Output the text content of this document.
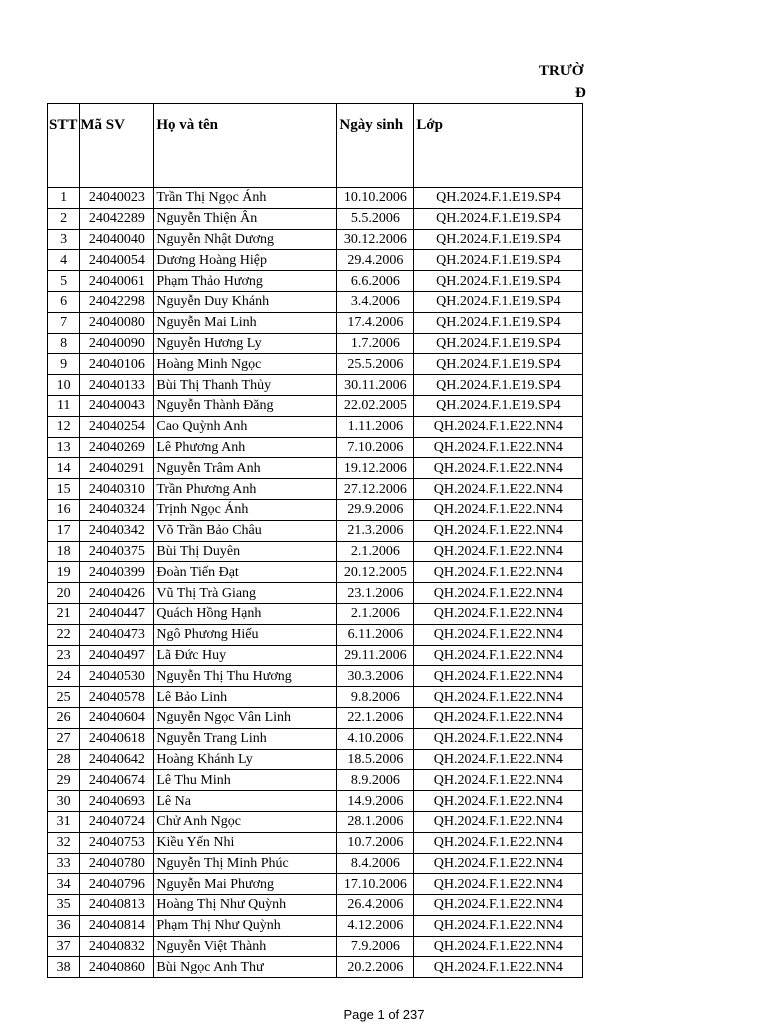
TRƯỜ
Đ
STT	Mã SV	Họ và tên	Ngày sinh	Lớp
1	24040023	Trần Thị Ngọc Ánh	10.10.2006	QH.2024.F.1.E19.SP4
2	24042289	Nguyễn Thiện Ân	5.5.2006	QH.2024.F.1.E19.SP4
3	24040040	Nguyễn Nhật Dương	30.12.2006	QH.2024.F.1.E19.SP4
4	24040054	Dương Hoàng Hiệp	29.4.2006	QH.2024.F.1.E19.SP4
5	24040061	Phạm Thảo Hương	6.6.2006	QH.2024.F.1.E19.SP4
6	24042298	Nguyễn Duy Khánh	3.4.2006	QH.2024.F.1.E19.SP4
7	24040080	Nguyễn Mai Linh	17.4.2006	QH.2024.F.1.E19.SP4
8	24040090	Nguyễn Hương Ly	1.7.2006	QH.2024.F.1.E19.SP4
9	24040106	Hoàng Minh Ngọc	25.5.2006	QH.2024.F.1.E19.SP4
10	24040133	Bùi Thị Thanh Thủy	30.11.2006	QH.2024.F.1.E19.SP4
11	24040043	Nguyễn Thành Đăng	22.02.2005	QH.2024.F.1.E19.SP4
12	24040254	Cao Quỳnh Anh	1.11.2006	QH.2024.F.1.E22.NN4
13	24040269	Lê Phương Anh	7.10.2006	QH.2024.F.1.E22.NN4
14	24040291	Nguyễn Trâm Anh	19.12.2006	QH.2024.F.1.E22.NN4
15	24040310	Trần Phương Anh	27.12.2006	QH.2024.F.1.E22.NN4
16	24040324	Trịnh Ngọc Ánh	29.9.2006	QH.2024.F.1.E22.NN4
17	24040342	Võ Trần Bảo Châu	21.3.2006	QH.2024.F.1.E22.NN4
18	24040375	Bùi Thị Duyên	2.1.2006	QH.2024.F.1.E22.NN4
19	24040399	Đoàn Tiến Đạt	20.12.2005	QH.2024.F.1.E22.NN4
20	24040426	Vũ Thị Trà Giang	23.1.2006	QH.2024.F.1.E22.NN4
21	24040447	Quách Hồng Hạnh	2.1.2006	QH.2024.F.1.E22.NN4
22	24040473	Ngô Phương Hiếu	6.11.2006	QH.2024.F.1.E22.NN4
23	24040497	Lã Đức Huy	29.11.2006	QH.2024.F.1.E22.NN4
24	24040530	Nguyễn Thị Thu Hương	30.3.2006	QH.2024.F.1.E22.NN4
25	24040578	Lê Bảo Linh	9.8.2006	QH.2024.F.1.E22.NN4
26	24040604	Nguyễn Ngọc Vân Linh	22.1.2006	QH.2024.F.1.E22.NN4
27	24040618	Nguyễn Trang Linh	4.10.2006	QH.2024.F.1.E22.NN4
28	24040642	Hoàng Khánh Ly	18.5.2006	QH.2024.F.1.E22.NN4
29	24040674	Lê Thu Minh	8.9.2006	QH.2024.F.1.E22.NN4
30	24040693	Lê Na	14.9.2006	QH.2024.F.1.E22.NN4
31	24040724	Chử Anh Ngọc	28.1.2006	QH.2024.F.1.E22.NN4
32	24040753	Kiều Yến Nhi	10.7.2006	QH.2024.F.1.E22.NN4
33	24040780	Nguyễn Thị Minh Phúc	8.4.2006	QH.2024.F.1.E22.NN4
34	24040796	Nguyễn Mai Phương	17.10.2006	QH.2024.F.1.E22.NN4
35	24040813	Hoàng Thị Như Quỳnh	26.4.2006	QH.2024.F.1.E22.NN4
36	24040814	Phạm Thị Như Quỳnh	4.12.2006	QH.2024.F.1.E22.NN4
37	24040832	Nguyễn Việt Thành	7.9.2006	QH.2024.F.1.E22.NN4
38	24040860	Bùi Ngọc Anh Thư	20.2.2006	QH.2024.F.1.E22.NN4
Page 1 of 237
